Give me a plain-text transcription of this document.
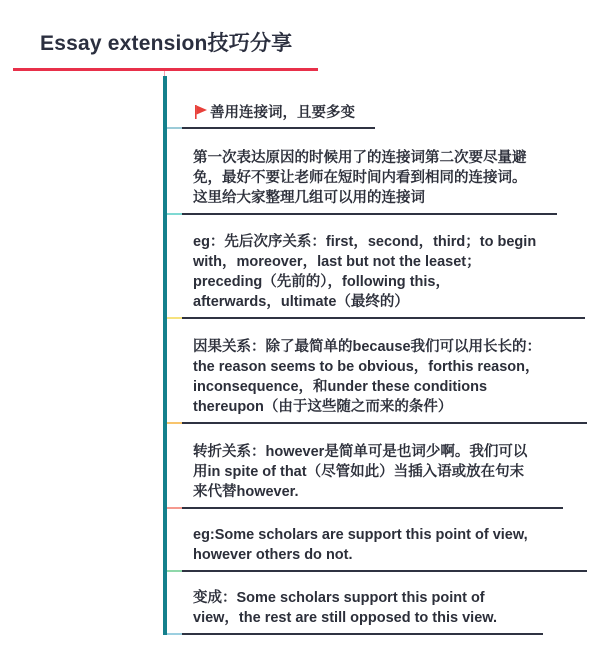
Essay extension技巧分享
善用连接词，且要多变
第一次表达原因的时候用了的连接词第二次要尽量避
免，最好不要让老师在短时间内看到相同的连接词。
这里给大家整理几组可以用的连接词
eg：先后次序关系：first，second，third；to begin
with，moreover，last but not the leaset；
preceding（先前的），following this，
afterwards，ultimate（最终的）
因果关系：除了最简单的because我们可以用长长的：
the reason seems to be obvious，forthis reason，
inconsequence，和under these conditions
thereupon（由于这些随之而来的条件）
转折关系：however是简单可是也词少啊。我们可以
用in spite of that（尽管如此）当插入语或放在句末
来代替however.
eg:Some scholars are support this point of view,
however others do not.
变成：Some scholars support this point of
view，the rest are still opposed to this view.
